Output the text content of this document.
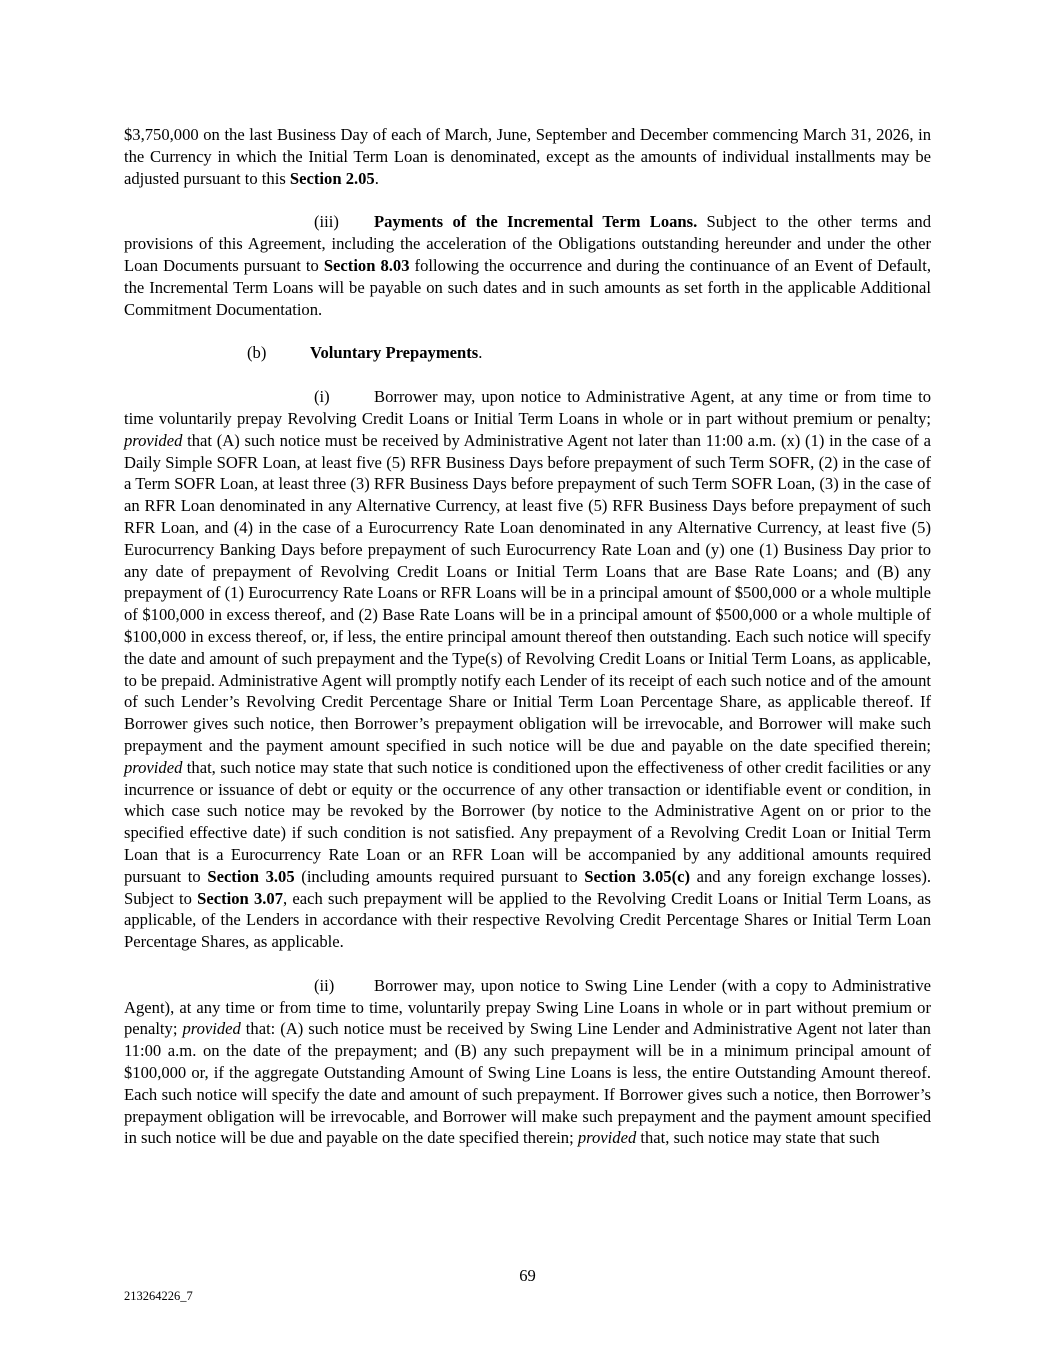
$3,750,000 on the last Business Day of each of March, June, September and December commencing March 31, 2026, in the Currency in which the Initial Term Loan is denominated, except as the amounts of individual installments may be adjusted pursuant to this Section 2.05.

(iii) Payments of the Incremental Term Loans. Subject to the other terms and provisions of this Agreement, including the acceleration of the Obligations outstanding hereunder and under the other Loan Documents pursuant to Section 8.03 following the occurrence and during the continuance of an Event of Default, the Incremental Term Loans will be payable on such dates and in such amounts as set forth in the applicable Additional Commitment Documentation.

(b)	Voluntary Prepayments.

(i)	Borrower may, upon notice to Administrative Agent, at any time or from time to time voluntarily prepay Revolving Credit Loans or Initial Term Loans in whole or in part without premium or penalty; provided that (A) such notice must be received by Administrative Agent not later than 11:00 a.m. (x) (1) in the case of a Daily Simple SOFR Loan, at least five (5) RFR Business Days before prepayment of such Term SOFR, (2) in the case of a Term SOFR Loan, at least three (3) RFR Business Days before prepayment of such Term SOFR Loan, (3) in the case of an RFR Loan denominated in any Alternative Currency, at least five (5) RFR Business Days before prepayment of such RFR Loan, and (4) in the case of a Eurocurrency Rate Loan denominated in any Alternative Currency, at least five (5) Eurocurrency Banking Days before prepayment of such Eurocurrency Rate Loan and (y) one (1) Business Day prior to any date of prepayment of Revolving Credit Loans or Initial Term Loans that are Base Rate Loans; and (B) any prepayment of (1) Eurocurrency Rate Loans or RFR Loans will be in a principal amount of $500,000 or a whole multiple of $100,000 in excess thereof, and (2) Base Rate Loans will be in a principal amount of $500,000 or a whole multiple of $100,000 in excess thereof, or, if less, the entire principal amount thereof then outstanding. Each such notice will specify the date and amount of such prepayment and the Type(s) of Revolving Credit Loans or Initial Term Loans, as applicable, to be prepaid. Administrative Agent will promptly notify each Lender of its receipt of each such notice and of the amount of such Lender’s Revolving Credit Percentage Share or Initial Term Loan Percentage Share, as applicable thereof. If Borrower gives such notice, then Borrower’s prepayment obligation will be irrevocable, and Borrower will make such prepayment and the payment amount specified in such notice will be due and payable on the date specified therein; provided that, such notice may state that such notice is conditioned upon the effectiveness of other credit facilities or any incurrence or issuance of debt or equity or the occurrence of any other transaction or identifiable event or condition, in which case such notice may be revoked by the Borrower (by notice to the Administrative Agent on or prior to the specified effective date) if such condition is not satisfied. Any prepayment of a Revolving Credit Loan or Initial Term Loan that is a Eurocurrency Rate Loan or an RFR Loan will be accompanied by any additional amounts required pursuant to Section 3.05 (including amounts required pursuant to Section 3.05(c) and any foreign exchange losses). Subject to Section 3.07, each such prepayment will be applied to the Revolving Credit Loans or Initial Term Loans, as applicable, of the Lenders in accordance with their respective Revolving Credit Percentage Shares or Initial Term Loan Percentage Shares, as applicable.

(ii) Borrower may, upon notice to Swing Line Lender (with a copy to Administrative Agent), at any time or from time to time, voluntarily prepay Swing Line Loans in whole or in part without premium or penalty; provided that: (A) such notice must be received by Swing Line Lender and Administrative Agent not later than 11:00 a.m. on the date of the prepayment; and (B) any such prepayment will be in a minimum principal amount of $100,000 or, if the aggregate Outstanding Amount of Swing Line Loans is less, the entire Outstanding Amount thereof. Each such notice will specify the date and amount of such prepayment. If Borrower gives such a notice, then Borrower’s prepayment obligation will be irrevocable, and Borrower will make such prepayment and the payment amount specified in such notice will be due and payable on the date specified therein; provided that, such notice may state that such

69
213264226_7
